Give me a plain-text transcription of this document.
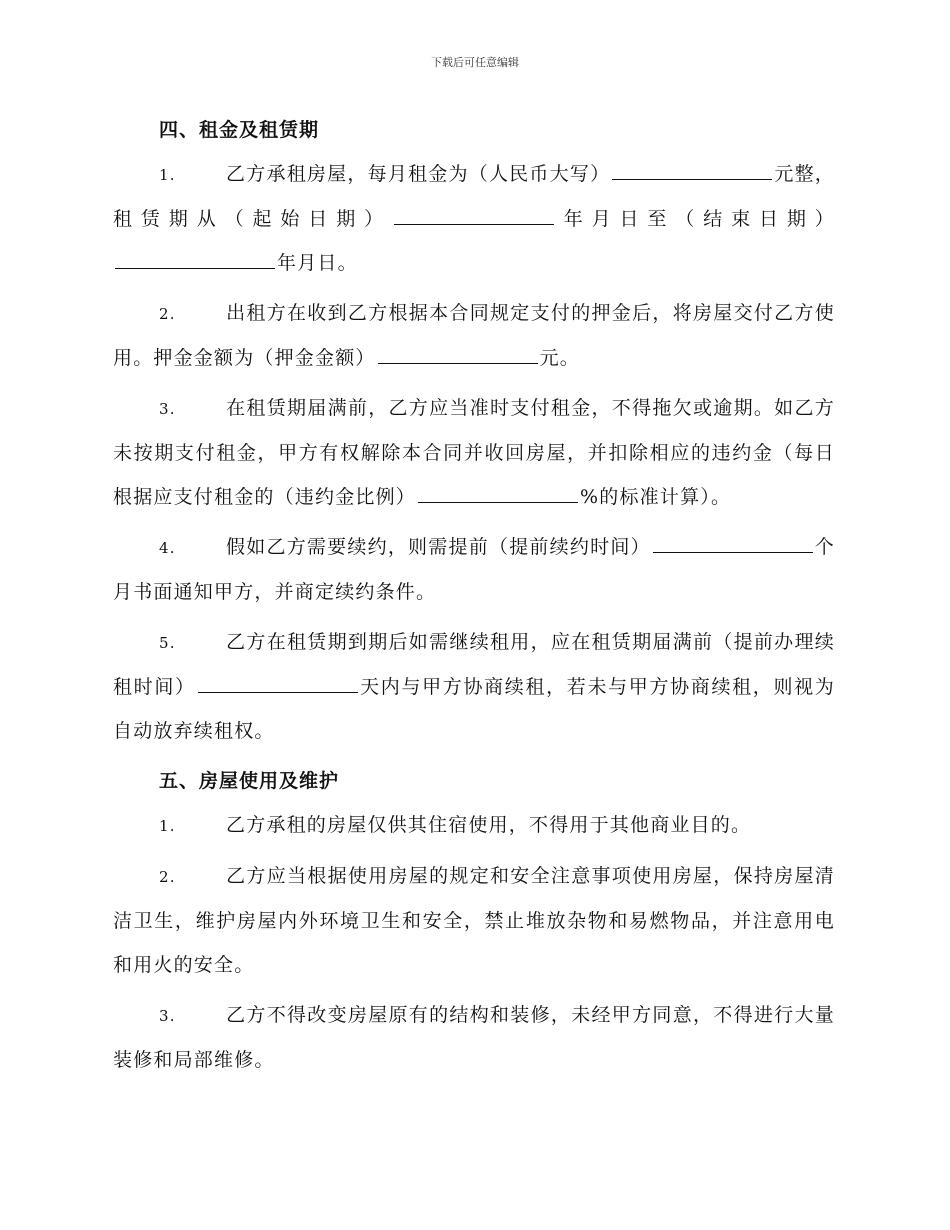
下载后可任意编辑

四、租金及租赁期

1.	乙方承租房屋，每月租金为（人民币大写）	元整，租赁期从（起始日期）	年月日至（结束日期）年月日。

2.	出租方在收到乙方根据本合同规定支付的押金后，将房屋交付乙方使用。押金金额为（押金金额）	元。

3.	在租赁期届满前，乙方应当准时支付租金，不得拖欠或逾期。如乙方未按期支付租金，甲方有权解除本合同并收回房屋，并扣除相应的违约金（每日根据应支付租金的（违约金比例）	%的标准计算）。

4.	假如乙方需要续约，则需提前（提前续约时间）	个月书面通知甲方，并商定续约条件。

5.	乙方在租赁期到期后如需继续租用，应在租赁期届满前（提前办理续租时间）	天内与甲方协商续租，若未与甲方协商续租，则视为自动放弃续租权。

五、房屋使用及维护

1.	乙方承租的房屋仅供其住宿使用，不得用于其他商业目的。

2.	乙方应当根据使用房屋的规定和安全注意事项使用房屋，保持房屋清洁卫生，维护房屋内外环境卫生和安全，禁止堆放杂物和易燃物品，并注意用电和用火的安全。

3.	乙方不得改变房屋原有的结构和装修，未经甲方同意，不得进行大量装修和局部维修。
